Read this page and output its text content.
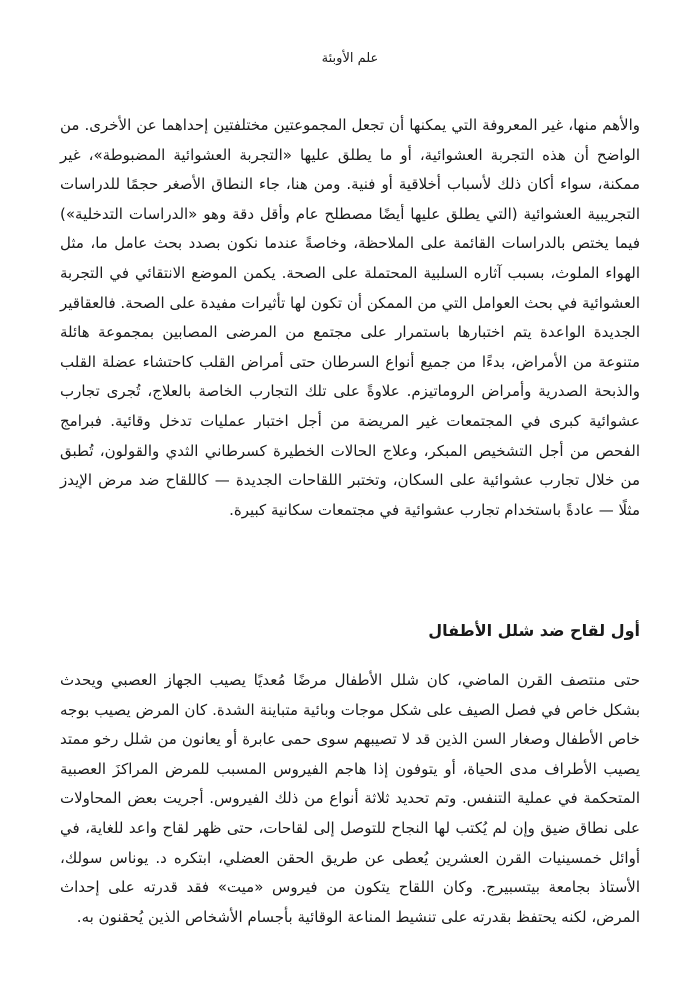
علم الأوبئة

والأهم منها، غير المعروفة التي يمكنها أن تجعل المجموعتين مختلفتين إحداهما عن الأخرى. من الواضح أن هذه التجربة العشوائية، أو ما يطلق عليها «التجربة العشوائية المضبوطة»، غير ممكنة، سواء أكان ذلك لأسباب أخلاقية أو فنية. ومن هنا، جاء النطاق الأصغر حجمًا للدراسات التجريبية العشوائية (التي يطلق عليها أيضًا مصطلح عام وأقل دقة وهو «الدراسات التدخلية») فيما يختص بالدراسات القائمة على الملاحظة، وخاصةً عندما نكون بصدد بحث عامل ما، مثل الهواء الملوث، بسبب آثاره السلبية المحتملة على الصحة. يكمن الموضع الانتقائي في التجربة العشوائية في بحث العوامل التي من الممكن أن تكون لها تأثيرات مفيدة على الصحة. فالعقاقير الجديدة الواعدة يتم اختبارها باستمرار على مجتمع من المرضى المصابين بمجموعة هائلة متنوعة من الأمراض، بدءًا من جميع أنواع السرطان حتى أمراض القلب كاحتشاء عضلة القلب والذبحة الصدرية وأمراض الروماتيزم. علاوةً على تلك التجارب الخاصة بالعلاج، تُجرى تجارب عشوائية كبرى في المجتمعات غير المريضة من أجل اختبار عمليات تدخل وقائية. فبرامج الفحص من أجل التشخيص المبكر، وعلاج الحالات الخطيرة كسرطاني الثدي والقولون، تُطبق من خلال تجارب عشوائية على السكان، وتختبر اللقاحات الجديدة — كاللقاح ضد مرض الإيدز مثلًا — عادةً باستخدام تجارب عشوائية في مجتمعات سكانية كبيرة.

أول لقاح ضد شلل الأطفال

حتى منتصف القرن الماضي، كان شلل الأطفال مرضًا مُعديًا يصيب الجهاز العصبي ويحدث بشكل خاص في فصل الصيف على شكل موجات وبائية متباينة الشدة. كان المرض يصيب بوجه خاص الأطفال وصغار السن الذين قد لا تصيبهم سوى حمى عابرة أو يعانون من شلل رخو ممتد يصيب الأطراف مدى الحياة، أو يتوفون إذا هاجم الفيروس المسبب للمرض المراكزَ العصبية المتحكمة في عملية التنفس. وتم تحديد ثلاثة أنواع من ذلك الفيروس. أجريت بعض المحاولات على نطاق ضيق وإن لم يُكتب لها النجاح للتوصل إلى لقاحات، حتى ظهر لقاح واعد للغاية، في أوائل خمسينيات القرن العشرين يُعطى عن طريق الحقن العضلي، ابتكره د. يوناس سولك، الأستاذ بجامعة بيتسبيرج. وكان اللقاح يتكون من فيروس «ميت» فقد قدرته على إحداث المرض، لكنه يحتفظ بقدرته على تنشيط المناعة الوقائية بأجسام الأشخاص الذين يُحقنون به.
